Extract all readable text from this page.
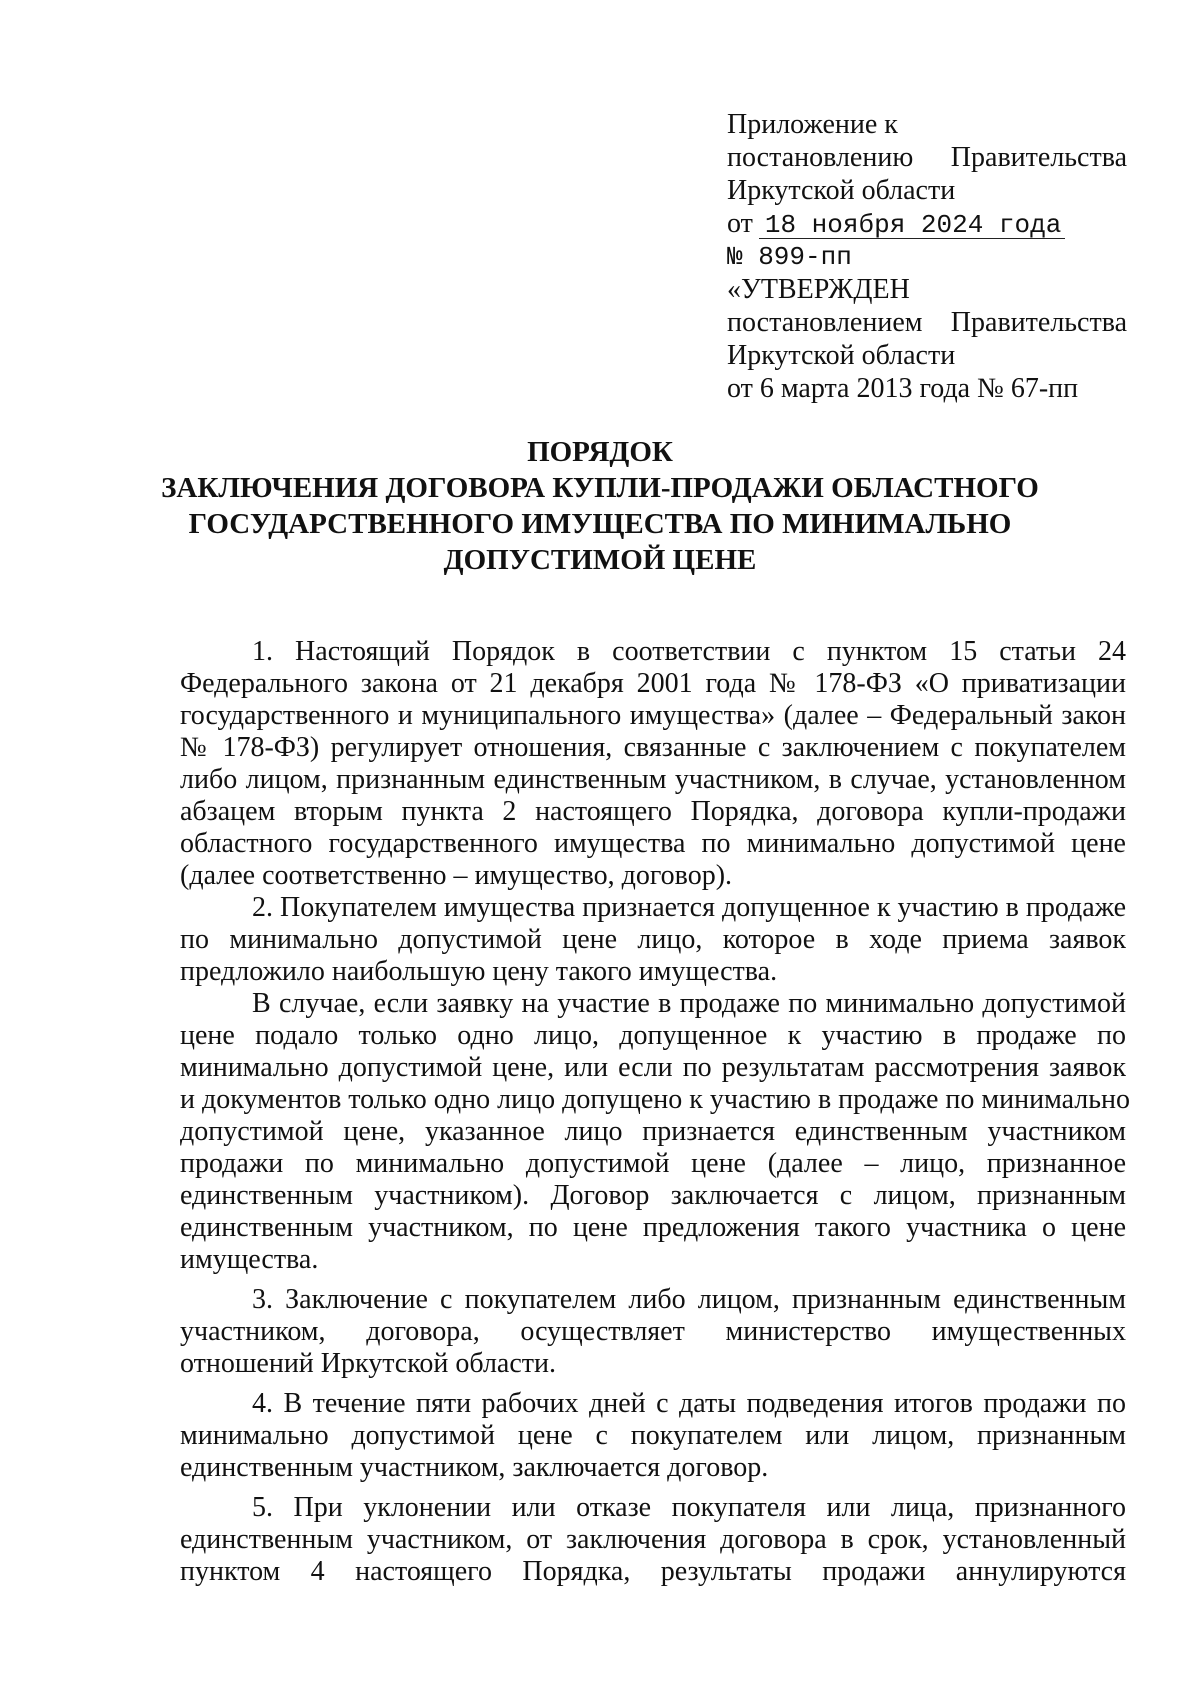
Приложение к
постановлению Правительства
Иркутской области
от 18 ноября 2024 года
№ 899-пп
«УТВЕРЖДЕН
постановлением Правительства
Иркутской области
от 6 марта 2013 года № 67-пп
ПОРЯДОК
ЗАКЛЮЧЕНИЯ ДОГОВОРА КУПЛИ-ПРОДАЖИ ОБЛАСТНОГО
ГОСУДАРСТВЕННОГО ИМУЩЕСТВА ПО МИНИМАЛЬНО
ДОПУСТИМОЙ ЦЕНЕ
1. Настоящий Порядок в соответствии с пунктом 15 статьи 24
Федерального закона от 21 декабря 2001 года № 178-ФЗ «О приватизации
государственного и муниципального имущества» (далее – Федеральный закон
№ 178-ФЗ) регулирует отношения, связанные с заключением с покупателем
либо лицом, признанным единственным участником, в случае, установленном
абзацем вторым пункта 2 настоящего Порядка, договора купли-продажи
областного государственного имущества по минимально допустимой цене
(далее соответственно – имущество, договор).
2. Покупателем имущества признается допущенное к участию в продаже
по минимально допустимой цене лицо, которое в ходе приема заявок
предложило наибольшую цену такого имущества.
В случае, если заявку на участие в продаже по минимально допустимой
цене подало только одно лицо, допущенное к участию в продаже по
минимально допустимой цене, или если по результатам рассмотрения заявок
и документов только одно лицо допущено к участию в продаже по минимально
допустимой цене, указанное лицо признается единственным участником
продажи по минимально допустимой цене (далее – лицо, признанное
единственным участником). Договор заключается с лицом, признанным
единственным участником, по цене предложения такого участника о цене
имущества.
3. Заключение с покупателем либо лицом, признанным единственным
участником, договора, осуществляет министерство имущественных
отношений Иркутской области.
4. В течение пяти рабочих дней с даты подведения итогов продажи по
минимально допустимой цене с покупателем или лицом, признанным
единственным участником, заключается договор.
5. При уклонении или отказе покупателя или лица, признанного
единственным участником, от заключения договора в срок, установленный
пунктом 4 настоящего Порядка, результаты продажи аннулируются
